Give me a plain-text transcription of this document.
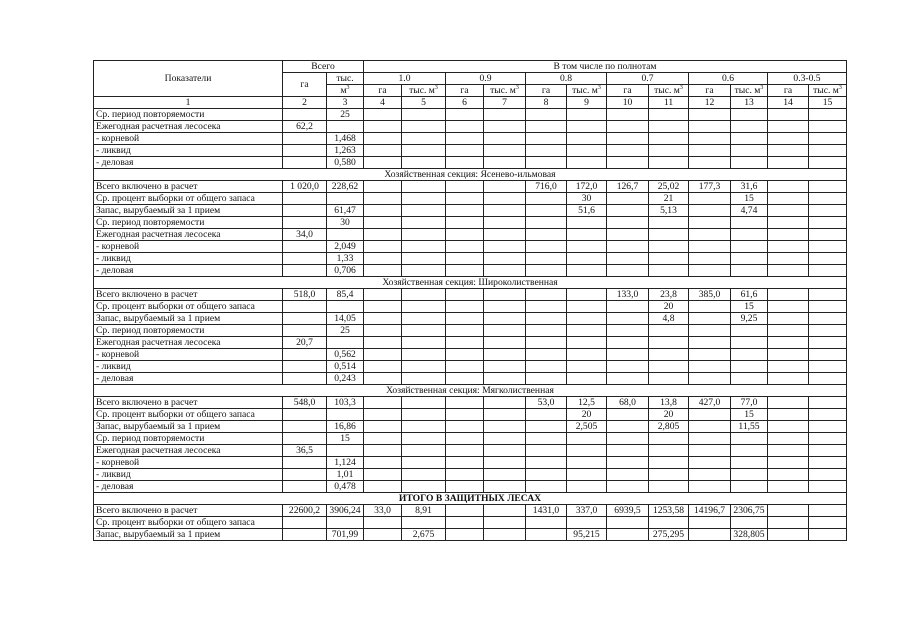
Показатели	Всего		В том числе по полнотам											
	га	тыс.	1.0		0.9		0.8		0.7		0.6		0.3-0.5	
		$м^3$	га	тыс. $м^3$	га	тыс. $м^3$	га	тыс. $м^3$	га	тыс. $м^3$	га	тыс. $м^3$	га	тыс. $м^3$
1	2	3	4	5	6	7	8	9	10	11	12	13	14	15
Ср. период повторяемости		25												
Ежегодная расчетная лесосека	62,2													
- корневой		1,468												
- ликвид		1,263												
- деловая		0,580												
Хозяйственная секция: Ясенево-ильмовая														
Всего включено в расчет	1 020,0	228,62					716,0	172,0	126,7	25,02	177,3	31,6		
Ср. процент выборки от общего запаса								30		21		15		
Запас, вырубаемый за 1 прием		61,47						51,6		5,13		4,74		
Ср. период повторяемости		30												
Ежегодная расчетная лесосека	34,0													
- корневой		2,049												
- ликвид		1,33												
- деловая		0,706												
Хозяйственная секция: Широколиственная														
Всего включено в расчет	518,0	85,4							133,0	23,8	385,0	61,6		
Ср. процент выборки от общего запаса										20		15		
Запас, вырубаемый за 1 прием		14,05								4,8		9,25		
Ср. период повторяемости		25												
Ежегодная расчетная лесосека	20,7													
- корневой		0,562												
- ликвид		0,514												
- деловая		0,243												
Хозяйственная секция: Мягколиственная														
Всего включено в расчет	548,0	103,3					53,0	12,5	68,0	13,8	427,0	77,0		
Ср. процент выборки от общего запаса								20		20		15		
Запас, вырубаемый за 1 прием		16,86						2,505		2,805		11,55		
Ср. период повторяемости		15												
Ежегодная расчетная лесосека	36,5													
- корневой		1,124												
- ликвид		1,01												
- деловая		0,478												
ИТОГО В ЗАЩИТНЫХ ЛЕСАХ														
Всего включено в расчет	22600,2	3906,24	33,0	8,91			1431,0	337,0	6939,5	1253,58	14196,7	2306,75		
Ср. процент выборки от общего запаса														
Запас, вырубаемый за 1 прием		701,99		2,675				95,215		275,295		328,805		
